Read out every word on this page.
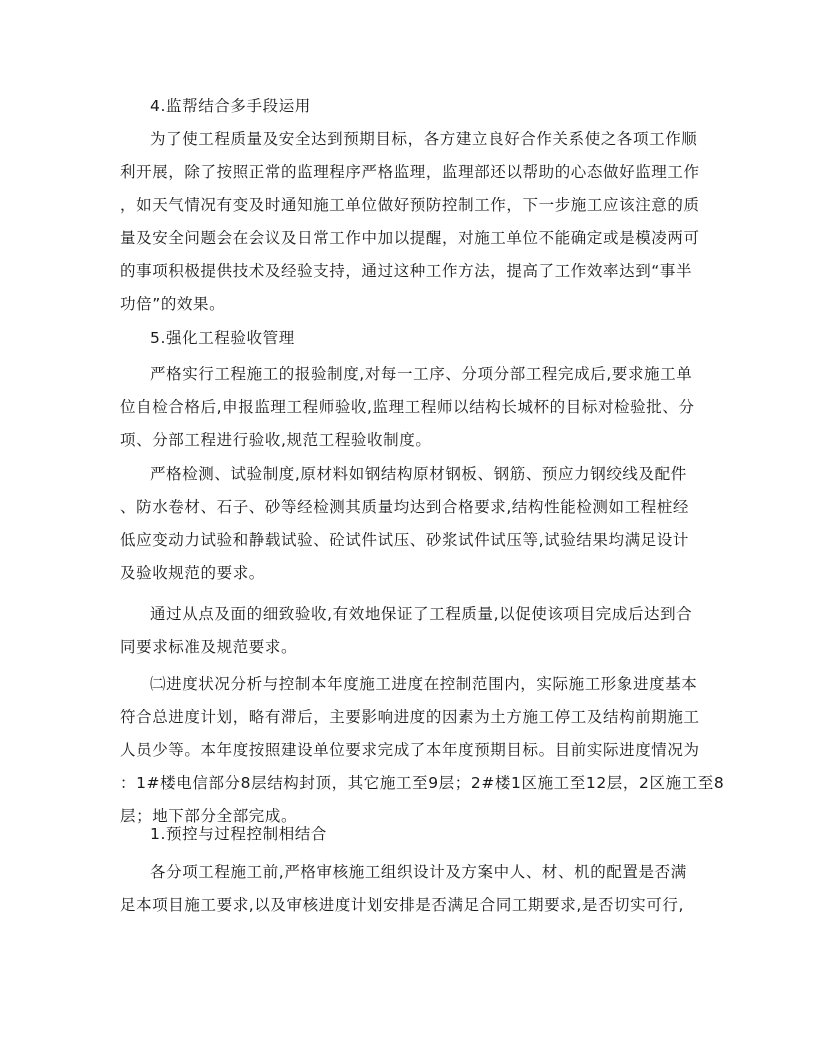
4.监帮结合多手段运用
为了使工程质量及安全达到预期目标，各方建立良好合作关系使之各项工作顺
利开展，除了按照正常的监理程序严格监理，监理部还以帮助的心态做好监理工作
，如天气情况有变及时通知施工单位做好预防控制工作，下一步施工应该注意的质
量及安全问题会在会议及日常工作中加以提醒，对施工单位不能确定或是模凌两可
的事项积极提供技术及经验支持，通过这种工作方法，提高了工作效率达到“事半
功倍”的效果。
5.强化工程验收管理
严格实行工程施工的报验制度,对每一工序、分项分部工程完成后,要求施工单
位自检合格后,申报监理工程师验收,监理工程师以结构长城杯的目标对检验批、分
项、分部工程进行验收,规范工程验收制度。
严格检测、试验制度,原材料如钢结构原材钢板、钢筋、预应力钢绞线及配件
、防水卷材、石子、砂等经检测其质量均达到合格要求,结构性能检测如工程桩经
低应变动力试验和静载试验、砼试件试压、砂浆试件试压等,试验结果均满足设计
及验收规范的要求。
通过从点及面的细致验收,有效地保证了工程质量,以促使该项目完成后达到合
同要求标准及规范要求。
㈡进度状况分析与控制本年度施工进度在控制范围内，实际施工形象进度基本
符合总进度计划，略有滞后，主要影响进度的因素为土方施工停工及结构前期施工
人员少等。本年度按照建设单位要求完成了本年度预期目标。目前实际进度情况为
：1#楼电信部分8层结构封顶，其它施工至9层；2#楼1区施工至12层，2区施工至8
层；地下部分全部完成。
1.预控与过程控制相结合
各分项工程施工前,严格审核施工组织设计及方案中人、材、机的配置是否满
足本项目施工要求,以及审核进度计划安排是否满足合同工期要求,是否切实可行,
